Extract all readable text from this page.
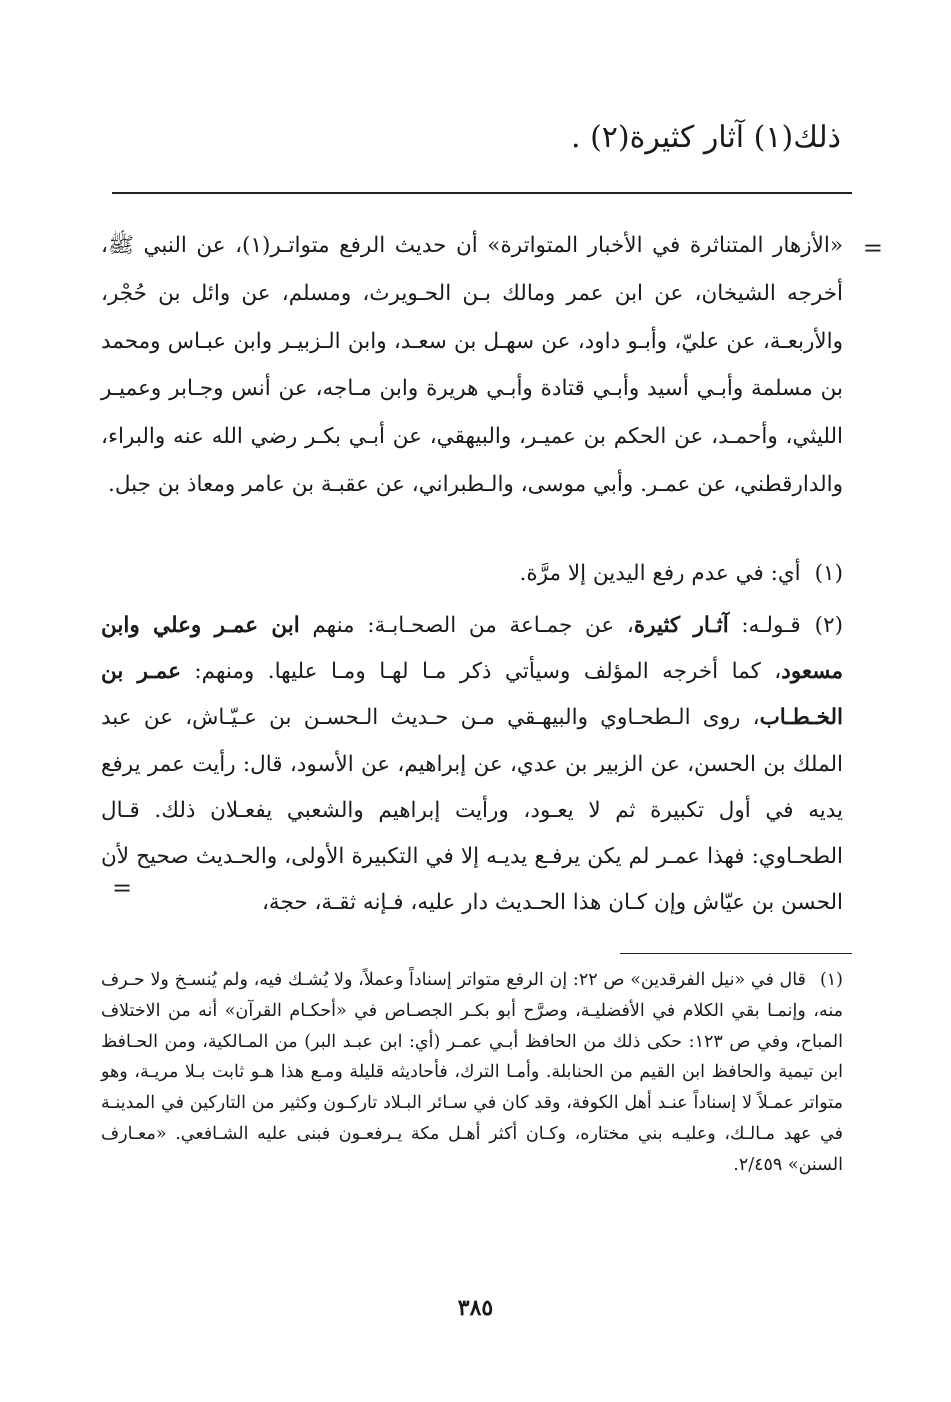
ذلك(١) آثار كثيرة(٢) .
=

«الأزهار المتناثرة في الأخبار المتواترة» أن حديث الرفع متواتـر(١)، عن النبي ﷺ، أخرجه الشيخان، عن ابن عمر ومالك بـن الحـويرث، ومسلم، عن وائل بن حُجْر، والأربعـة، عن عليّ، وأبـو داود، عن سهـل بن سعـد، وابن الـزبيـر وابن عبـاس ومحمد بن مسلمة وأبـي أسيد وأبـي قتادة وأبـي هريرة وابن مـاجه، عن أنس وجـابر وعميـر الليثي، وأحمـد، عن الحكم بن عميـر، والبيهقي، عن أبـي بكـر رضي الله عنه والبراء، والدارقطني، عن عمـر. وأبي موسى، والـطبراني، عن عقبـة بن عامر ومعاذ بن جبل.

(١)أي: في عدم رفع اليدين إلا مرَّة.

(٢)قـولـه: آثـار كثيرة، عن جمـاعة من الصحـابـة: منهم ابن عمـر وعلي وابن مسعود، كما أخرجه المؤلف وسيأتي ذكر مـا لهـا ومـا عليها. ومنهم: عمـر بن الخـطـاب، روى الـطحـاوي والبيهـقي مـن حـديث الـحسـن بن عـيّـاش، عن عبد الملك بن الحسن، عن الزبير بن عدي، عن إبراهيم، عن الأسود، قال: رأيت عمر يرفع يديه في أول تكبيرة ثم لا يعـود، ورأيت إبراهيم والشعبي يفعـلان ذلك. قـال الطحـاوي: فهذا عمـر لم يكن يرفـع يديـه إلا في التكبيرة الأولى، والحـديث صحيح لأن الحسن بن عيّاش وإن كـان هذا الحـديث دار عليه، فـإنه ثقـة، حجة،

=

(١)قال في «نيل الفرقدين» ص ٢٢: إن الرفع متواتر إسناداً وعملاً، ولا يُشـك فيه، ولم يُنسـخ ولا حـرف منه، وإنمـا بقي الكلام في الأفضليـة، وصرَّح أبو بكـر الجصـاص في «أحكـام القرآن» أنه من الاختلاف المباح، وفي ص ١٢٣: حكى ذلك من الحافظ أبـي عمـر (أي: ابن عبـد البر) من المـالكية، ومن الحـافظ ابن تيمية والحافظ ابن القيم من الحنابلة. وأمـا الترك، فأحاديثه قليلة ومـع هذا هـو ثابت بـلا مريـة، وهو متواتر عمـلاً لا إسناداً عنـد أهل الكوفة، وقد كان في سـائر البـلاد تاركـون وكثير من التاركين في المدينـة في عهد مـالـك، وعليـه بني مختاره، وكـان أكثر أهـل مكة يـرفعـون فبنى عليه الشـافعي. «معـارف السنن» ٢/٤٥٩.

٣٨٥
